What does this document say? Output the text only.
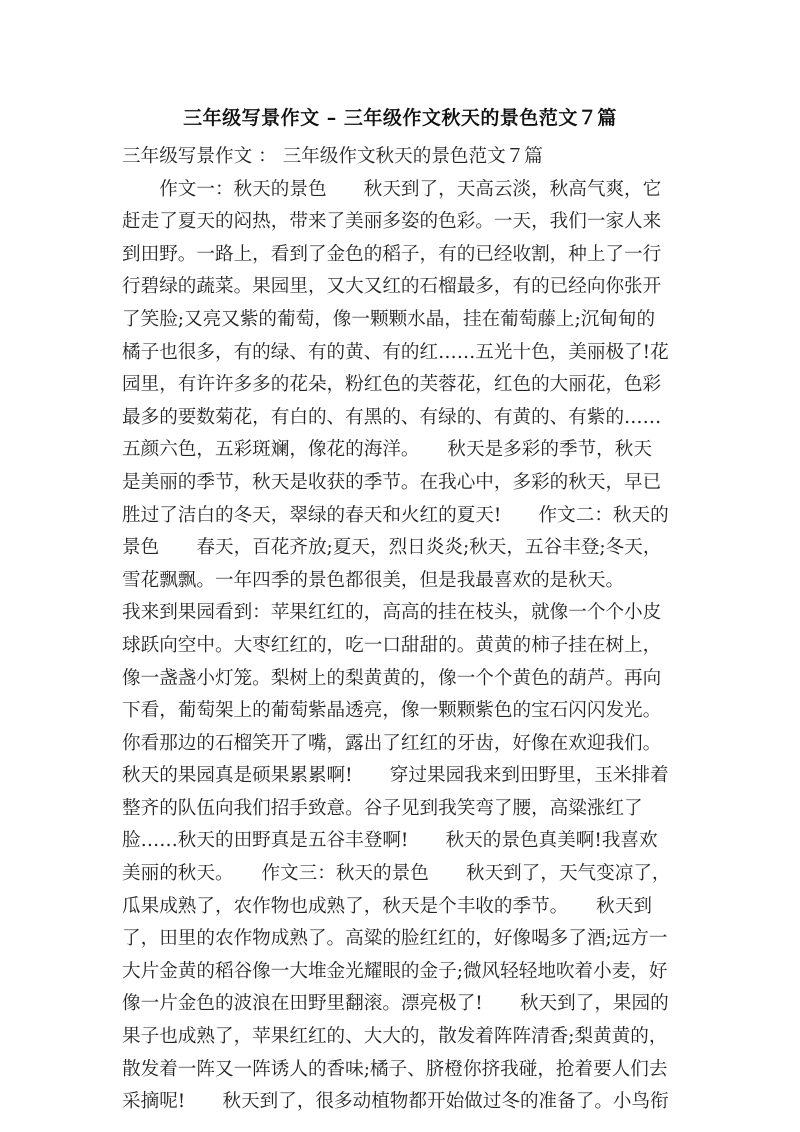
三年级写景作文 – 三年级作文秋天的景色范文７篇
三年级写景作文 ： 三年级作文秋天的景色范文７篇
　　作文一：秋天的景色　　秋天到了，天高云淡，秋高气爽，它
赶走了夏天的闷热，带来了美丽多姿的色彩。一天，我们一家人来
到田野。一路上，看到了金色的稻子，有的已经收割，种上了一行
行碧绿的蔬菜。果园里，又大又红的石榴最多，有的已经向你张开
了笑脸;又亮又紫的葡萄，像一颗颗水晶，挂在葡萄藤上;沉甸甸的
橘子也很多，有的绿、有的黄、有的红……五光十色，美丽极了!花
园里，有许许多多的花朵，粉红色的芙蓉花，红色的大丽花，色彩
最多的要数菊花，有白的、有黑的、有绿的、有黄的、有紫的……
五颜六色，五彩斑斓，像花的海洋。　　秋天是多彩的季节，秋天
是美丽的季节，秋天是收获的季节。在我心中，多彩的秋天，早已
胜过了洁白的冬天，翠绿的春天和火红的夏天!　　作文二：秋天的
景色　　春天，百花齐放;夏天，烈日炎炎;秋天，五谷丰登;冬天，
雪花飘飘。一年四季的景色都很美，但是我最喜欢的是秋天。
我来到果园看到：苹果红红的，高高的挂在枝头，就像一个个小皮
球跃向空中。大枣红红的，吃一口甜甜的。黄黄的柿子挂在树上，
像一盏盏小灯笼。梨树上的梨黄黄的，像一个个黄色的葫芦。再向
下看，葡萄架上的葡萄紫晶透亮，像一颗颗紫色的宝石闪闪发光。
你看那边的石榴笑开了嘴，露出了红红的牙齿，好像在欢迎我们。
秋天的果园真是硕果累累啊!　　穿过果园我来到田野里，玉米排着
整齐的队伍向我们招手致意。谷子见到我笑弯了腰，高粱涨红了
脸……秋天的田野真是五谷丰登啊!　　秋天的景色真美啊!我喜欢
美丽的秋天。　　作文三：秋天的景色　　秋天到了，天气变凉了，
瓜果成熟了，农作物也成熟了，秋天是个丰收的季节。　　秋天到
了，田里的农作物成熟了。高粱的脸红红的，好像喝多了酒;远方一
大片金黄的稻谷像一大堆金光耀眼的金子;微风轻轻地吹着小麦，好
像一片金色的波浪在田野里翻滚。漂亮极了!　　秋天到了，果园的
果子也成熟了，苹果红红的、大大的，散发着阵阵清香;梨黄黄的，
散发着一阵又一阵诱人的香味;橘子、脐橙你挤我碰，抢着要人们去
采摘呢!　　秋天到了，很多动植物都开始做过冬的准备了。小鸟衔
